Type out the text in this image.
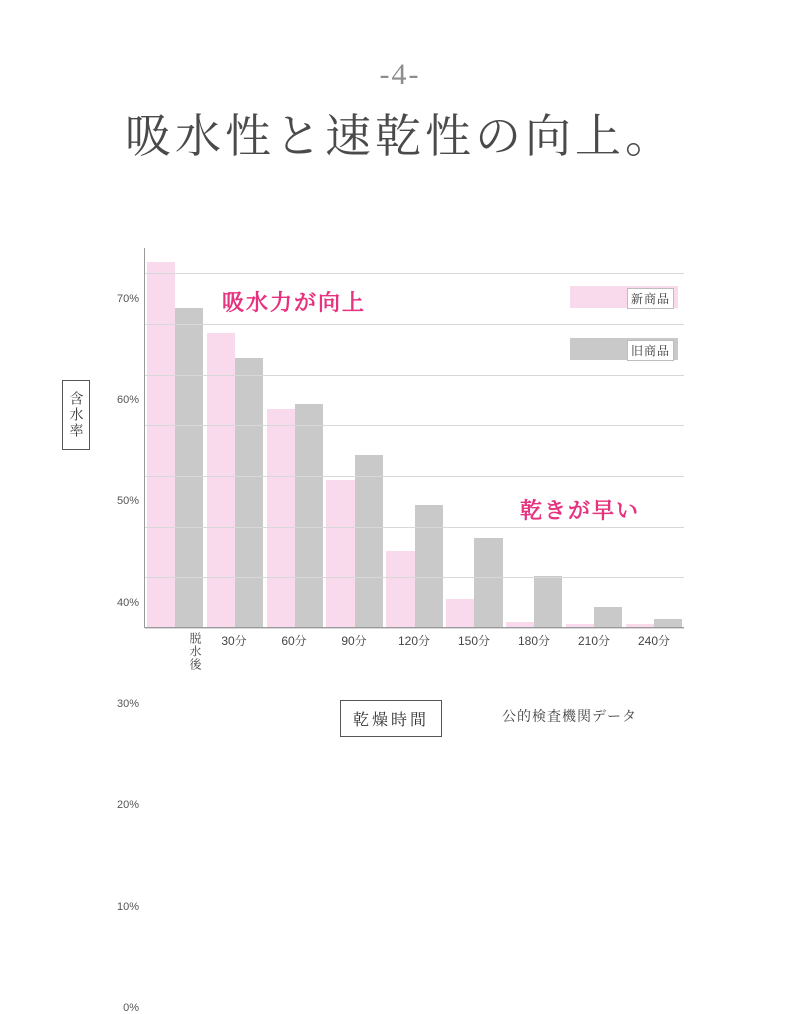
-4-
吸水性と速乾性の向上。
含水率
0%
10%
20%
30%
40%
50%
60%
70%
脱水後	30分	60分	90分	120分	150分	180分	210分	240分
吸水力が向上
乾きが早い
新商品
旧商品
乾燥時間	公的検査機関データ
